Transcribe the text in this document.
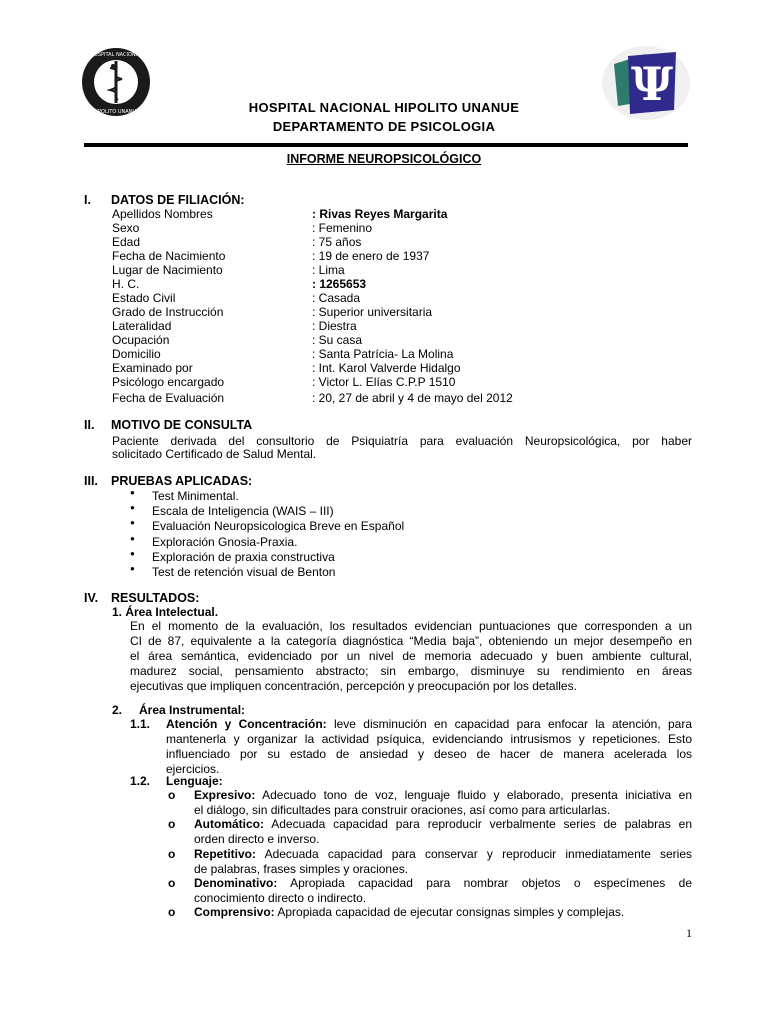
HOSPITAL NACIONAL
HIPOLITO UNANUE
Ψ
HOSPITAL NACIONAL HIPOLITO UNANUE
DEPARTAMENTO DE PSICOLOGIA
INFORME NEUROPSICOLÓGICO
I. DATOS DE FILIACIÓN:
Apellidos Nombres	: Rivas Reyes Margarita
Sexo	: Femenino
Edad	: 75 años
Fecha de Nacimiento	: 19 de enero de 1937
Lugar de Nacimiento	: Lima
H. C.	: 1265653
Estado Civil	: Casada
Grado de Instrucción	: Superior universitaria
Lateralidad	: Diestra
Ocupación	: Su casa
Domicilio	: Santa Patrícia- La Molina
Examinado por	: Int. Karol Valverde Hidalgo
Psicólogo encargado	: Victor L. Elías C.P.P 1510
Fecha de Evaluación	: 20, 27 de abril y 4 de mayo del 2012
II. MOTIVO DE CONSULTA
Paciente derivada del consultorio de Psiquiatría para evaluación Neuropsicológica, por haber
solicitado Certificado de Salud Mental.
III. PRUEBAS APLICADAS:
● Test Minimental.
● Escala de Inteligencia (WAIS – III)
● Evaluación Neuropsicologica Breve en Español
● Exploración Gnosia-Praxia.
● Exploración de praxia constructiva
● Test de retención visual de Benton
IV. RESULTADOS:
1. Área Intelectual.
En el momento de la evaluación, los resultados evidencian puntuaciones que corresponden a un
CI de 87, equivalente a la categoría diagnóstica “Media baja”, obteniendo un mejor desempeño en
el área semántica, evidenciado por un nivel de memoria adecuado y buen ambiente cultural,
madurez social, pensamiento abstracto; sin embargo, disminuye su rendimiento en áreas
ejecutivas que impliquen concentración, percepción y preocupación por los detalles.
2. Área Instrumental:
1.1. Atención y Concentración: leve disminución en capacidad para enfocar la atención, para
mantenerla y organizar la actividad psíquica, evidenciando intrusismos y repeticiones. Esto
influenciado por su estado de ansiedad y deseo de hacer de manera acelerada los
ejercicios.
1.2. Lenguaje:
o Expresivo: Adecuado tono de voz, lenguaje fluido y elaborado, presenta iniciativa en
el diálogo, sin dificultades para construir oraciones, así como para articularlas.
o Automático: Adecuada capacidad para reproducir verbalmente series de palabras en
orden directo e inverso.
o Repetitivo: Adecuada capacidad para conservar y reproducir inmediatamente series
de palabras, frases simples y oraciones.
o Denominativo: Apropiada capacidad para nombrar objetos o especímenes de
conocimiento directo o indirecto.
o Comprensivo: Apropiada capacidad de ejecutar consignas simples y complejas.
1
